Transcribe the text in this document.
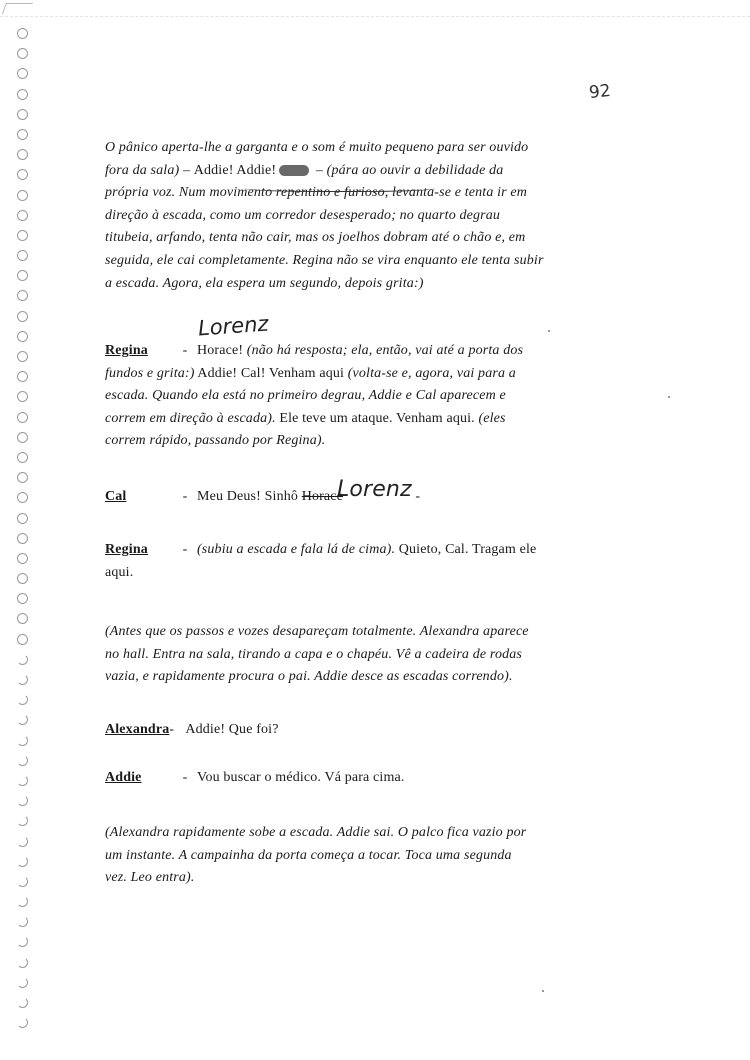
92
O pânico aperta-lhe a garganta e o som é muito pequeno para ser ouvido
fora da sala) – Addie! Addie!	– (pára ao ouvir a debilidade da
própria voz. Num movimento repentino e furioso, levanta-se e tenta ir em
direção à escada, como um corredor desesperado; no quarto degrau
titubeia, arfando, tenta não cair, mas os joelhos dobram até o chão e, em
seguida, ele cai completamente. Regina não se vira enquanto ele tenta subir
a escada. Agora, ela espera um segundo, depois grita:)
Lorenz
Regina - Horace! (não há resposta; ela, então, vai até a porta dos
fundos e grita:) Addie! Cal! Venham aqui (volta-se e, agora, vai para a
escada. Quando ela está no primeiro degrau, Addie e Cal aparecem e
correm em direção à escada). Ele teve um ataque. Venham aqui. (eles
correm rápido, passando por Regina).
Cal	- Meu Deus! Sinhô HoraceLorenz -
Regina - (subiu a escada e fala lá de cima). Quieto, Cal. Tragam ele
aqui.
(Antes que os passos e vozes desapareçam totalmente. Alexandra aparece
no hall. Entra na sala, tirando a capa e o chapéu. Vê a cadeira de rodas
vazia, e rapidamente procura o pai. Addie desce as escadas correndo).
Alexandra- Addie! Que foi?
Addie	- Vou buscar o médico. Vá para cima.
(Alexandra rapidamente sobe a escada. Addie sai. O palco fica vazio por
um instante. A campainha da porta começa a tocar. Toca uma segunda
vez. Leo entra).
